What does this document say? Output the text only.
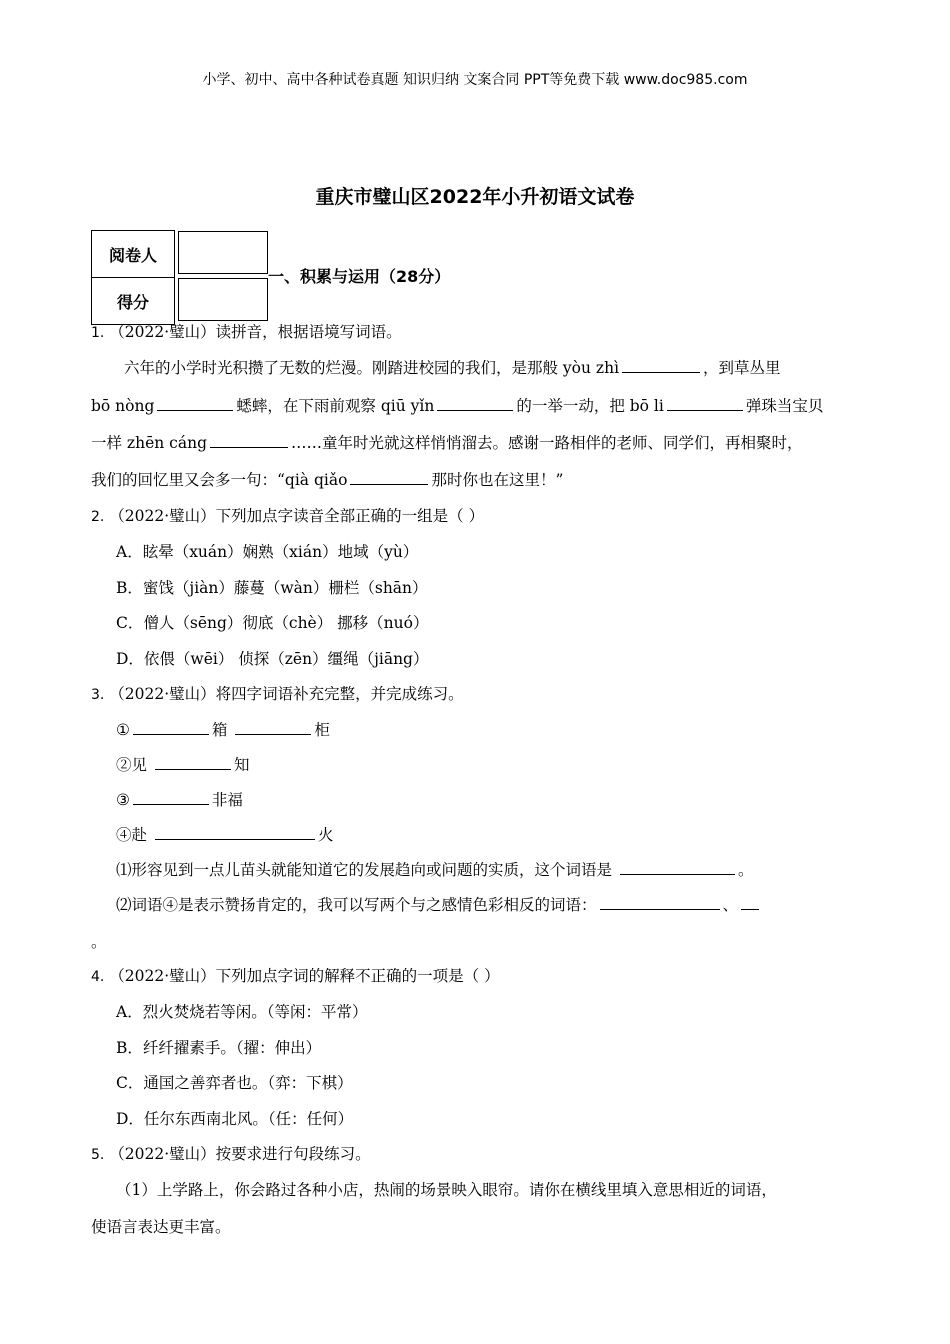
小学、初中、高中各种试卷真题 知识归纳 文案合同 PPT等免费下载 www.doc985.com
重庆市璧山区2022年小升初语文试卷
阅卷人	
得分	
一、积累与运用（28分）
1. （2022·璧山）读拼音，根据语境写词语。
六年的小学时光积攒了无数的烂漫。刚踏进校园的我们，是那般 yòu zhì	，到草丛里
bō nòng	蟋蟀，在下雨前观察 qiū yǐn	的一举一动，把 bō li	弹珠当宝贝
一样 zhēn cáng	……童年时光就这样悄悄溜去。感谢一路相伴的老师、同学们，再相聚时，
我们的回忆里又会多一句：“qià qiǎo	那时你也在这里！”
2. （2022·璧山）下列加点字读音全部正确的一组是（ ）
A．眩晕（xuán）娴熟（xián）地域（yù）
B．蜜饯（jiàn）藤蔓（wàn）栅栏（shān）
C．僧人（sēng）彻底（chè） 挪移（nuó）
D．依偎（wēi） 侦探（zēn）缰绳（jiāng）
3. （2022·璧山）将四字词语补充完整，并完成练习。
①	箱	柜
②见	知
③	非福
④赴	火
⑴形容见到一点儿苗头就能知道它的发展趋向或问题的实质，这个词语是	。
⑵词语④是表示赞扬肯定的，我可以写两个与之感情色彩相反的词语：	、
。
4. （2022·璧山）下列加点字词的解释不正确的一项是（ ）
A．烈火焚烧若等闲。（等闲：平常）
B．纤纤擢素手。（擢：伸出）
C．通国之善弈者也。（弈：下棋）
D．任尔东西南北风。（任：任何）
5. （2022·璧山）按要求进行句段练习。
（1）上学路上，你会路过各种小店，热闹的场景映入眼帘。请你在横线里填入意思相近的词语，
使语言表达更丰富。
